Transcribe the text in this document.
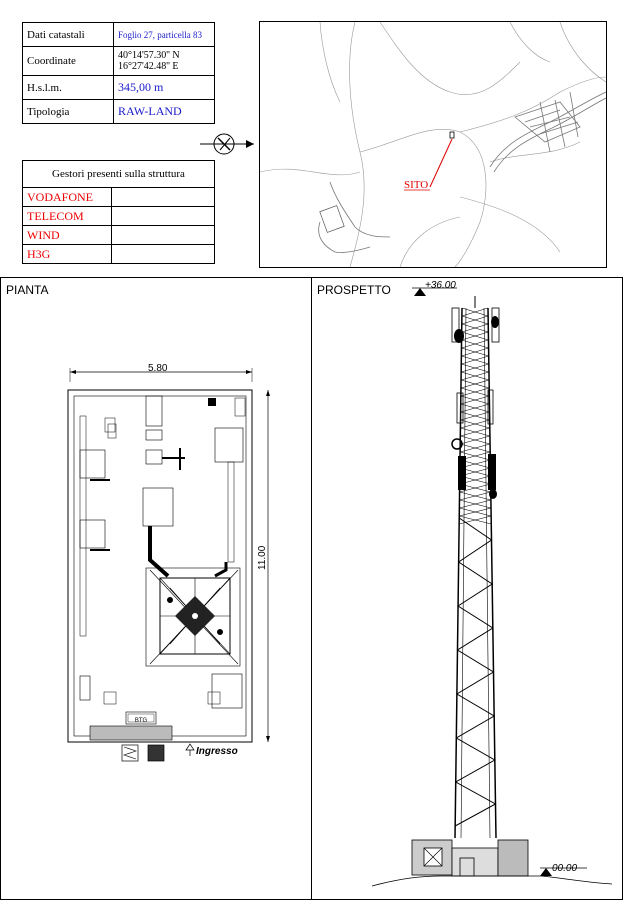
Dati catastali	Foglio 27, particella 83
Coordinate	40°14'57.30'' N
16°27'42.48'' E

H.s.l.m.	345,00 m
Tipologia	RAW-LAND
Gestori presenti sulla struttura	
VODAFONE	
TELECOM	
WIND	
H3G	
SITO
PIANTA
BTG
5.80
11.00
Ingresso
PROSPETTO	+36.00
00.00
